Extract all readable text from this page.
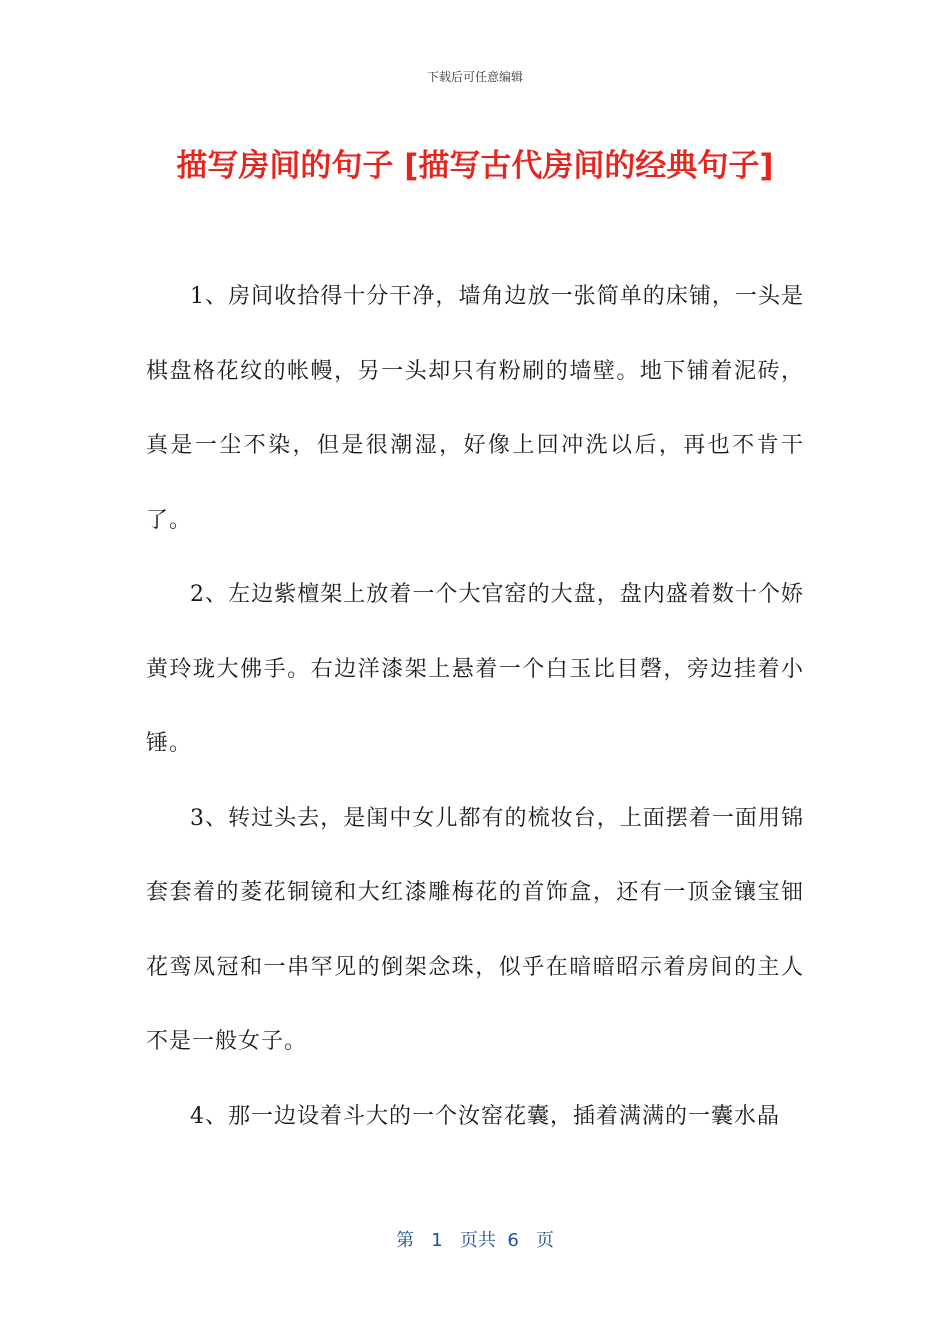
下载后可任意编辑
描写房间的句子 [描写古代房间的经典句子]

1、房间收拾得十分干净，墙角边放一张简单的床铺，一头是棋盘格花纹的帐幔，另一头却只有粉刷的墙壁。地下铺着泥砖，真是一尘不染，但是很潮湿，好像上回冲洗以后，再也不肯干了。

2、左边紫檀架上放着一个大官窑的大盘，盘内盛着数十个娇黄玲珑大佛手。右边洋漆架上悬着一个白玉比目磬，旁边挂着小锤。

3、转过头去，是闺中女儿都有的梳妆台，上面摆着一面用锦套套着的菱花铜镜和大红漆雕梅花的首饰盒，还有一顶金镶宝钿花鸾凤冠和一串罕见的倒架念珠，似乎在暗暗昭示着房间的主人不是一般女子。

4、那一边设着斗大的一个汝窑花囊，插着满满的一囊水晶

第 1 页共 6 页
